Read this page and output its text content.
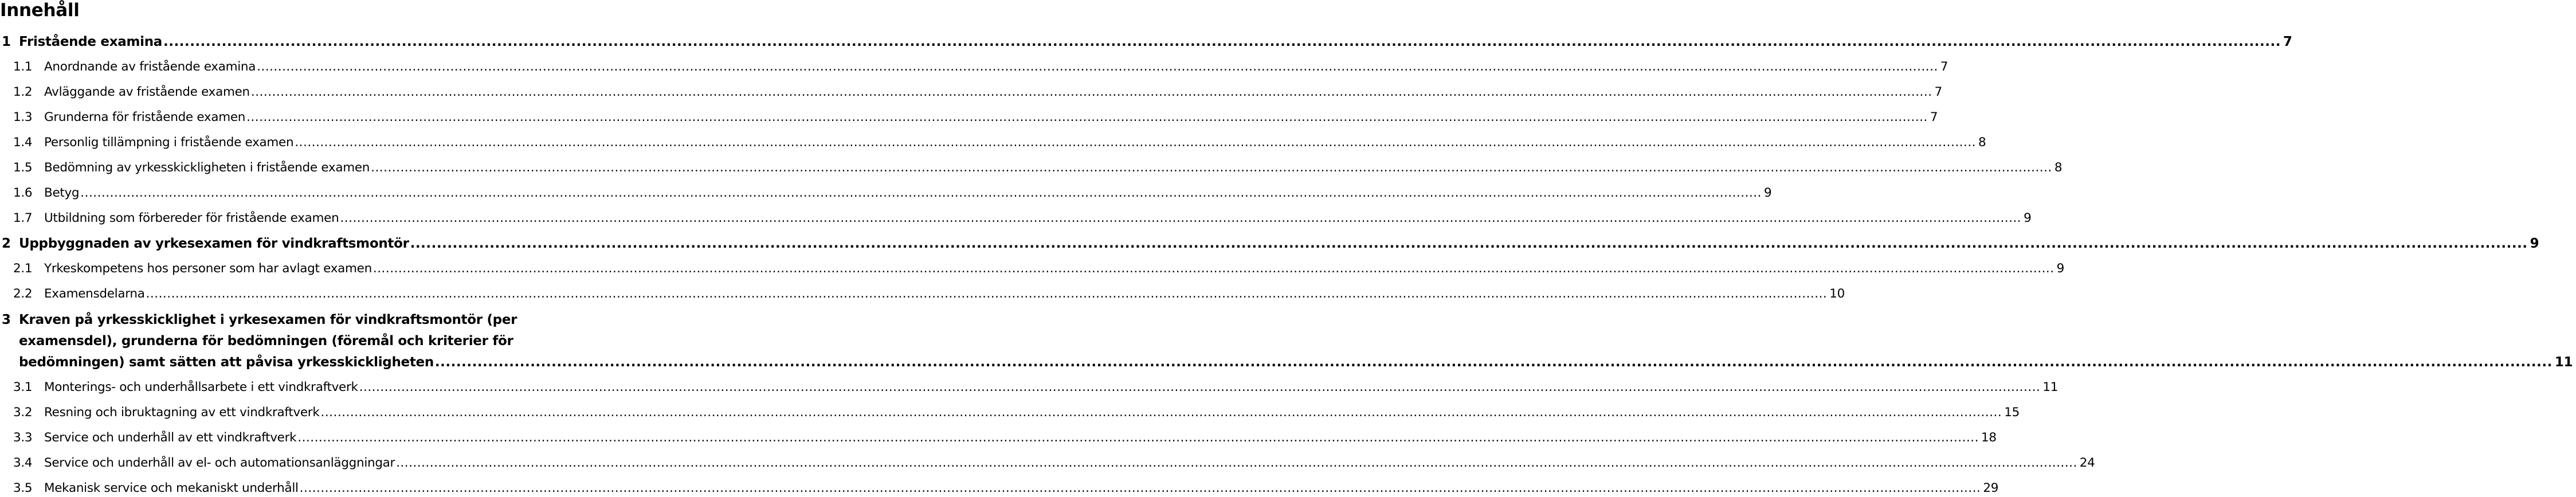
Innehåll
1 Fristående examina ................................................................................................................................................................................................................................................................................................................................................................................................................ 7
1.1 Anordnande av fristående examina ................................................................................................................................................................................................................................................................................................................................................................................................................ 7
1.2 Avläggande av fristående examen ................................................................................................................................................................................................................................................................................................................................................................................................................ 7
1.3 Grunderna för fristående examen ................................................................................................................................................................................................................................................................................................................................................................................................................ 7
1.4 Personlig tillämpning i fristående examen ................................................................................................................................................................................................................................................................................................................................................................................................................ 8
1.5 Bedömning av yrkesskickligheten i fristående examen ................................................................................................................................................................................................................................................................................................................................................................................................................ 8
1.6 Betyg ................................................................................................................................................................................................................................................................................................................................................................................................................ 9
1.7 Utbildning som förbereder för fristående examen ................................................................................................................................................................................................................................................................................................................................................................................................................ 9
2 Uppbyggnaden av yrkesexamen för vindkraftsmontör ................................................................................................................................................................................................................................................................................................................................................................................................................ 9
2.1 Yrkeskompetens hos personer som har avlagt examen ................................................................................................................................................................................................................................................................................................................................................................................................................ 9
2.2 Examensdelarna ................................................................................................................................................................................................................................................................................................................................................................................................................ 10
3 Kraven på yrkesskicklighet i yrkesexamen för vindkraftsmontör (per
examensdel), grunderna för bedömningen (föremål och kriterier för
bedömningen) samt sätten att påvisa yrkesskickligheten ................................................................................................................................................................................................................................................................................................................................................................................................................ 11
3.1 Monterings- och underhållsarbete i ett vindkraftverk ................................................................................................................................................................................................................................................................................................................................................................................................................ 11
3.2 Resning och ibruktagning av ett vindkraftverk ................................................................................................................................................................................................................................................................................................................................................................................................................ 15
3.3 Service och underhåll av ett vindkraftverk ................................................................................................................................................................................................................................................................................................................................................................................................................ 18
3.4 Service och underhåll av el- och automationsanläggningar ................................................................................................................................................................................................................................................................................................................................................................................................................ 24
3.5 Mekanisk service och mekaniskt underhåll ................................................................................................................................................................................................................................................................................................................................................................................................................ 29
